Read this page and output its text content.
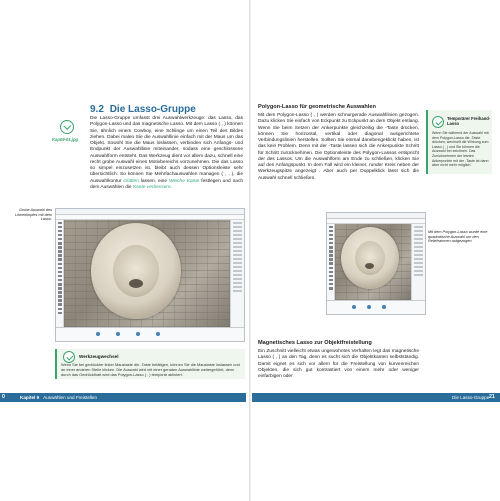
9.2 Die Lasso-Gruppe
Kap09-01.jpg

Die Lasso-Gruppe umfasst drei Auswahlwerkzeuge: das Lasso, das Polygon-Lasso und das magnetische Lasso. Mit dem Lasso ( , ) können Sie, ähnlich einem Cowboy, eine Schlinge um einen Teil des Bildes ziehen. Dabei malen Sie die Auswahllinie einfach mit der Maus um das Objekt. Sowohl Sie die Maus loslassen, verbinden sich Anfangs- und Endpunkt der Auswahllinie miteinander, sodass eine geschlossene Auswahlform entsteht. Das Werkzeug dient vor allem dazu, schnell eine recht grobe Auswahl eines Motivbereichs vorzunehmen. Die das Lasso so simpel einzusetzen ist, bleibt auch dessen Optionsleiste sehr übersichtlich: So können Sie Mehrfachauswahlen managen ( , , ), die Auswahlkontur Glätten lassen, eine Weiche Kante festlegen und nach dem Auswählen die Kante verbessern.

Grobe Auswahl des Löwenkopfes mit dem Lasso.
Werkzeugwechsel
Wenn Sie bei gedrückter linker Maustaste die -Taste betätigen, können Sie die Maustaste loslassen und an einer anderen Stelle klicken. Die Auswahl wird mit einer geraden Auswahllinie weitergeführt, denn durch das Gedrückthalt wird das Polygon-Lasso ( , ) temporär aktiviert.
0	Kapitel 9 Auswählen und Freistellen
Polygon-Lasso für geometrische Auswahlen

Mit dem Polygon-Lasso ( , ) werden schnurgerade Auswahllinien gezogen. Dazu klicken Sie einfach von Eckpunkt zu Eckpunkt an dem Objekt entlang. Wenn Sie beim Setzen der Ankerpunkte gleichzeitig die -Taste drücken, können Sie horizontal, vertikal oder diagonal ausgerichtete Verbindungslinien herstellen. Sollten Sie einmal danebengeklickt haben, ist das kein Problem. Denn mit der -Taste lassen sich die Ankerpunkte Schritt für Schritt zurücknehmen. Die Optionsleiste des Polygon-Lassos entspricht der des Lassos. Um die Auswahlform am Ende zu schließen, klicken Sie auf den Anfangspunkt. In dem Fall wird ein kleiner, runder Kreis neben der Werkzeugspitze angezeigt . Aber auch per Doppelklick lässt sich die Auswahl schnell schließen.

Temporärer Freihand-Lasso
Wenn Sie während der Auswahl mit dem Polygon-Lasso die -Taste drücken, wechselt die Wirkung zum Lasso ( , ) und Sie können die Auswahl frei zeichnen. Das Zurücknehmen der letzten Ankerpunkte mit der -Taste ist dann aber nicht mehr möglich.
Mit dem Polygon-Lasso wurde eine quadratische Auswahl um den Reliefrahmen aufgezogen.
Magnetisches Lasso zur Objektfreistellung

Ein Zuschnitt vielleicht etwas ungewohntes Verhalten legt das magnetische Lasso ( , ) an den Tag, denn es sucht sich die Objektkanten selbstständig. Damit eignet es sich vor allem für die Freistellung von kurvenreichen Objekten, die sich gut kontrastiert von einem mehr oder weniger einfarbigen oder

Die Lasso-Gruppe 21
